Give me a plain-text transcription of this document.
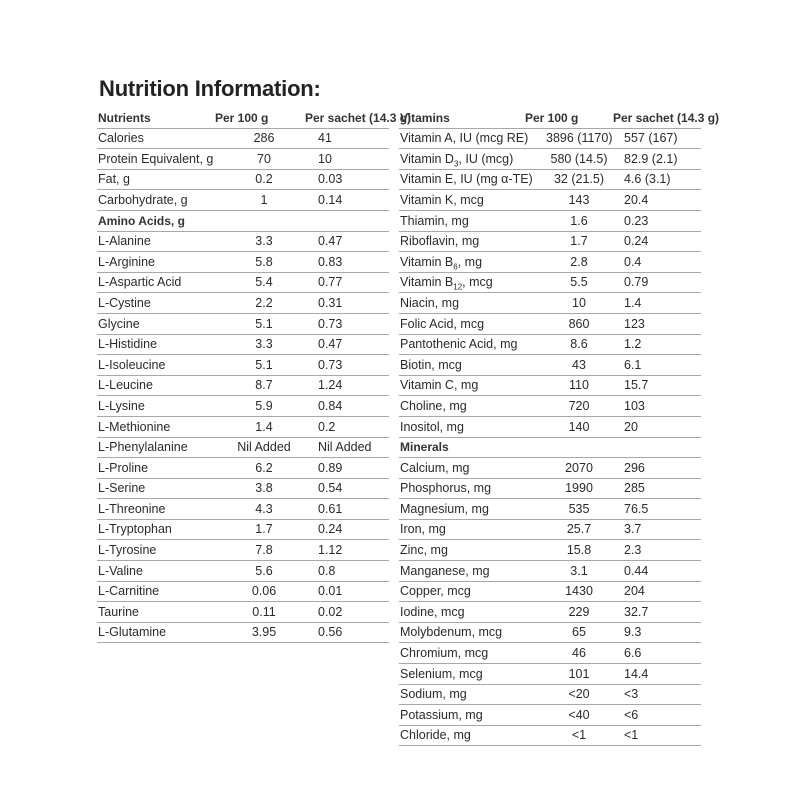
Nutrition Information:
Nutrients	Per 100 g	Per sachet (14.3 g)
Calories	286	41
Protein Equivalent, g	70	10
Fat, g	0.2	0.03
Carbohydrate, g	1	0.14
Amino Acids, g		
L-Alanine	3.3	0.47
L-Arginine	5.8	0.83
L-Aspartic Acid	5.4	0.77
L-Cystine	2.2	0.31
Glycine	5.1	0.73
L-Histidine	3.3	0.47
L-Isoleucine	5.1	0.73
L-Leucine	8.7	1.24
L-Lysine	5.9	0.84
L-Methionine	1.4	0.2
L-Phenylalanine	Nil Added	Nil Added
L-Proline	6.2	0.89
L-Serine	3.8	0.54
L-Threonine	4.3	0.61
L-Tryptophan	1.7	0.24
L-Tyrosine	7.8	1.12
L-Valine	5.6	0.8
L-Carnitine	0.06	0.01
Taurine	0.11	0.02
L-Glutamine	3.95	0.56
Vitamins	Per 100 g	Per sachet (14.3 g)
Vitamin A, IU (mcg RE)	3896 (1170)	557 (167)
Vitamin $D_3$, IU (mcg)	580 (14.5)	82.9 (2.1)
Vitamin E, IU (mg α-TE)	32 (21.5)	4.6 (3.1)
Vitamin K, mcg	143	20.4
Thiamin, mg	1.6	0.23
Riboflavin, mg	1.7	0.24
Vitamin $B_6$, mg	2.8	0.4
Vitamin $B_{12}$, mcg	5.5	0.79
Niacin, mg	10	1.4
Folic Acid, mcg	860	123
Pantothenic Acid, mg	8.6	1.2
Biotin, mcg	43	6.1
Vitamin C, mg	110	15.7
Choline, mg	720	103
Inositol, mg	140	20
Minerals		
Calcium, mg	2070	296
Phosphorus, mg	1990	285
Magnesium, mg	535	76.5
Iron, mg	25.7	3.7
Zinc, mg	15.8	2.3
Manganese, mg	3.1	0.44
Copper, mcg	1430	204
Iodine, mcg	229	32.7
Molybdenum, mcg	65	9.3
Chromium, mcg	46	6.6
Selenium, mcg	101	14.4
Sodium, mg	<20	<3
Potassium, mg	<40	<6
Chloride, mg	<1	<1
